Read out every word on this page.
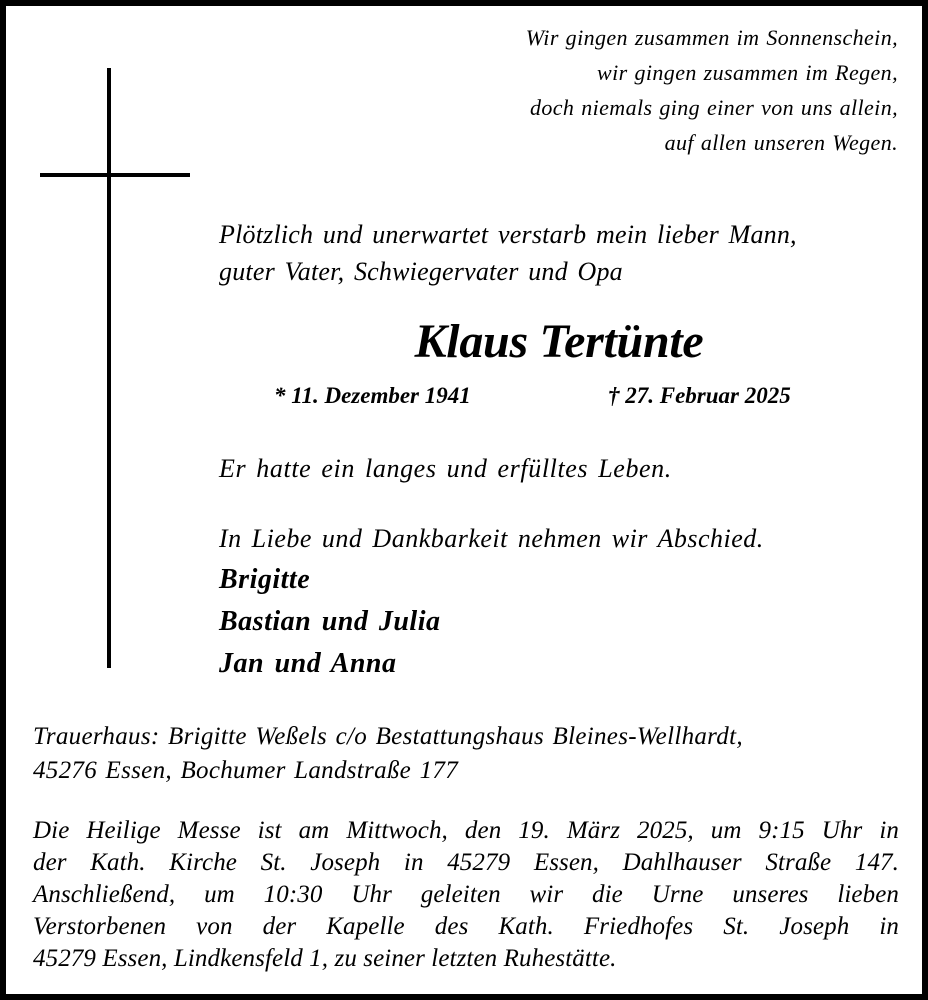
Wir gingen zusammen im Sonnenschein,
wir gingen zusammen im Regen,
doch niemals ging einer von uns allein,
auf allen unseren Wegen.
Plötzlich und unerwartet verstarb mein lieber Mann,
guter Vater, Schwiegervater und Opa
Klaus Tertünte
* 11. Dezember 1941	† 27. Februar 2025
Er hatte ein langes und erfülltes Leben.
In Liebe und Dankbarkeit nehmen wir Abschied.
Brigitte
Bastian und Julia
Jan und Anna
Trauerhaus: Brigitte Weßels c/o Bestattungshaus Bleines-Wellhardt,
45276 Essen, Bochumer Landstraße 177
Die Heilige Messe ist am Mittwoch, den 19. März 2025, um 9:15 Uhr in
der Kath. Kirche St. Joseph in 45279 Essen, Dahlhauser Straße 147.
Anschließend, um 10:30 Uhr geleiten wir die Urne unseres lieben
Verstorbenen von der Kapelle des Kath. Friedhofes St. Joseph in
45279 Essen, Lindkensfeld 1, zu seiner letzten Ruhestätte.
